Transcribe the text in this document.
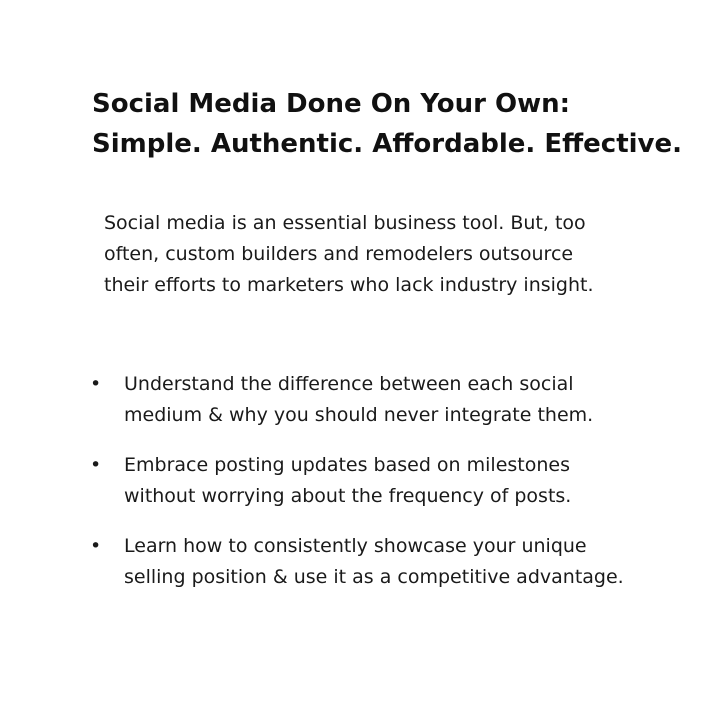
Social Media Done On Your Own:
Simple. Authentic. Affordable. Effective.

Social media is an essential business tool. But, too
often, custom builders and remodelers outsource
their efforts to marketers who lack industry insight.

• Understand the difference between each social
medium & why you should never integrate them.
• Embrace posting updates based on milestones
without worrying about the frequency of posts.
• Learn how to consistently showcase your unique
selling position & use it as a competitive advantage.
